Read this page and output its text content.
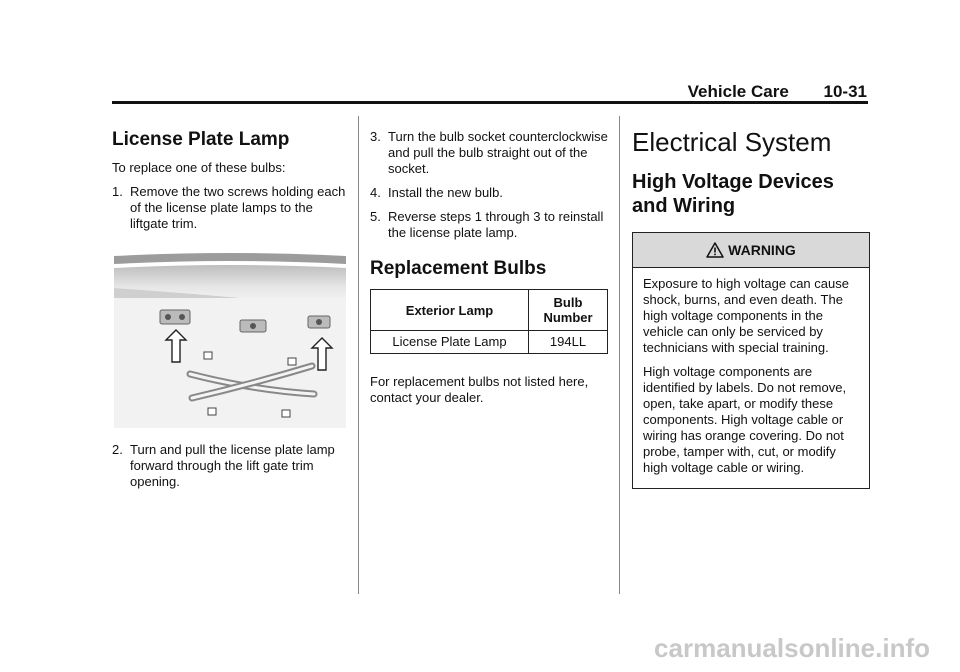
Vehicle Care 10-31
License Plate Lamp

To replace one of these bulbs:

1. Remove the two screws holding each of the license plate lamps to the liftgate trim.
2. Turn and pull the license plate lamp forward through the lift gate trim opening.
3. Turn the bulb socket counterclockwise and pull the bulb straight out of the socket.
4. Install the new bulb.
5. Reverse steps 1 through 3 to reinstall the license plate lamp.
Replacement Bulbs
Exterior Lamp	Bulb Number
License Plate Lamp	194LL

For replacement bulbs not listed here, contact your dealer.

Electrical System
High Voltage Devices and Wiring
WARNING

Exposure to high voltage can cause shock, burns, and even death. The high voltage components in the vehicle can only be serviced by technicians with special training.

High voltage components are identified by labels. Do not remove, open, take apart, or modify these components. High voltage cable or wiring has orange covering. Do not probe, tamper with, cut, or modify high voltage cable or wiring.

carmanualsonline.info
